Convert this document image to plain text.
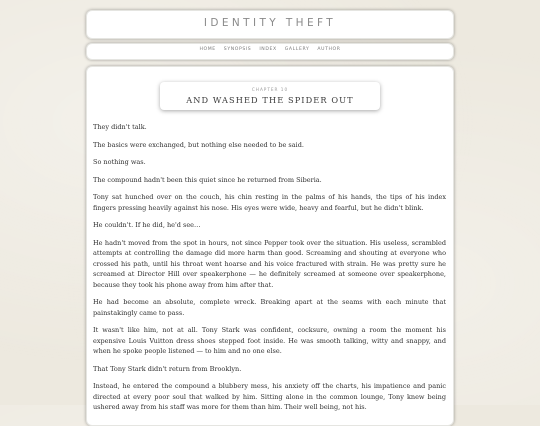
IDENTITY THEFT
HOME SYNOPSIS INDEX GALLERY AUTHOR
CHAPTER 10
AND WASHED THE SPIDER OUT

They didn't talk.

The basics were exchanged, but nothing else needed to be said.

So nothing was.

The compound hadn't been this quiet since he returned from Siberia.

Tony sat hunched over on the couch, his chin resting in the palms of his hands, the tips of his index fingers pressing heavily against his nose. His eyes were wide, heavy and fearful, but he didn't blink.

He couldn't. If he did, he'd see…

He hadn't moved from the spot in hours, not since Pepper took over the situation. His useless, scrambled attempts at controlling the damage did more harm than good. Screaming and shouting at everyone who crossed his path, until his throat went hoarse and his voice fractured with strain. He was pretty sure he screamed at Director Hill over speakerphone — he definitely screamed at someone over speakerphone, because they took his phone away from him after that.

He had become an absolute, complete wreck. Breaking apart at the seams with each minute that painstakingly came to pass.

It wasn't like him, not at all. Tony Stark was confident, cocksure, owning a room the moment his expensive Louis Vuitton dress shoes stepped foot inside. He was smooth talking, witty and snappy, and when he spoke people listened — to him and no one else.

That Tony Stark didn't return from Brooklyn.

Instead, he entered the compound a blubbery mess, his anxiety off the charts, his impatience and panic directed at every poor soul that walked by him. Sitting alone in the common lounge, Tony knew being ushered away from his staff was more for them than him. Their well being, not his.
